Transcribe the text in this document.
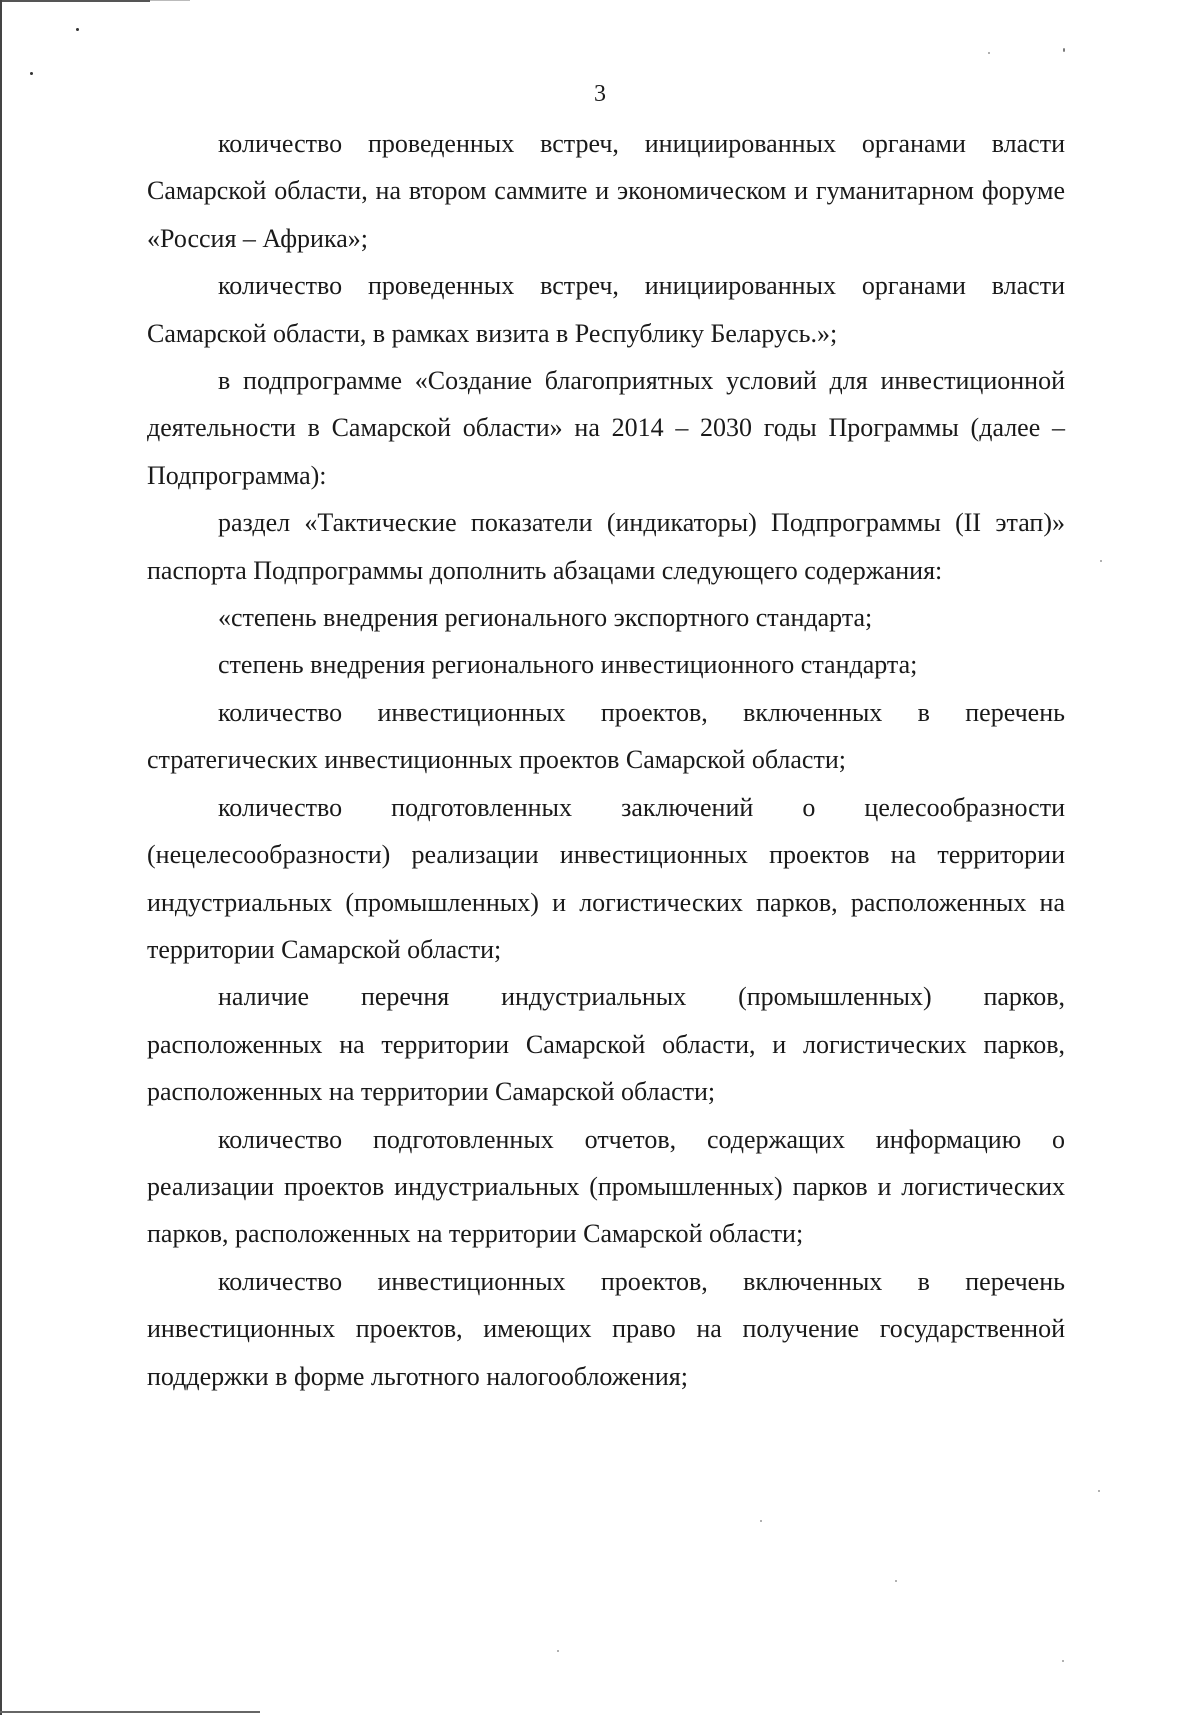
3

количество проведенных встреч, инициированных органами власти Самарской области, на втором саммите и экономическом и гуманитарном форуме «Россия – Африка»;

количество проведенных встреч, инициированных органами власти Самарской области, в рамках визита в Республику Беларусь.»;

в подпрограмме «Создание благоприятных условий для инвестиционной деятельности в Самарской области» на 2014 – 2030 годы Программы (далее – Подпрограмма):

раздел «Тактические показатели (индикаторы) Подпрограммы (II этап)» паспорта Подпрограммы дополнить абзацами следующего содержания:

«степень внедрения регионального экспортного стандарта;

степень внедрения регионального инвестиционного стандарта;

количество инвестиционных проектов, включенных в перечень стратегических инвестиционных проектов Самарской области;

количество подготовленных заключений о целесообразности (нецелесообразности) реализации инвестиционных проектов на территории индустриальных (промышленных) и логистических парков, расположенных на территории Самарской области;

наличие перечня индустриальных (промышленных) парков, расположенных на территории Самарской области, и логистических парков, расположенных на территории Самарской области;

количество подготовленных отчетов, содержащих информацию о реализации проектов индустриальных (промышленных) парков и логистических парков, расположенных на территории Самарской области;

количество инвестиционных проектов, включенных в перечень инвестиционных проектов, имеющих право на получение государственной поддержки в форме льготного налогообложения;
